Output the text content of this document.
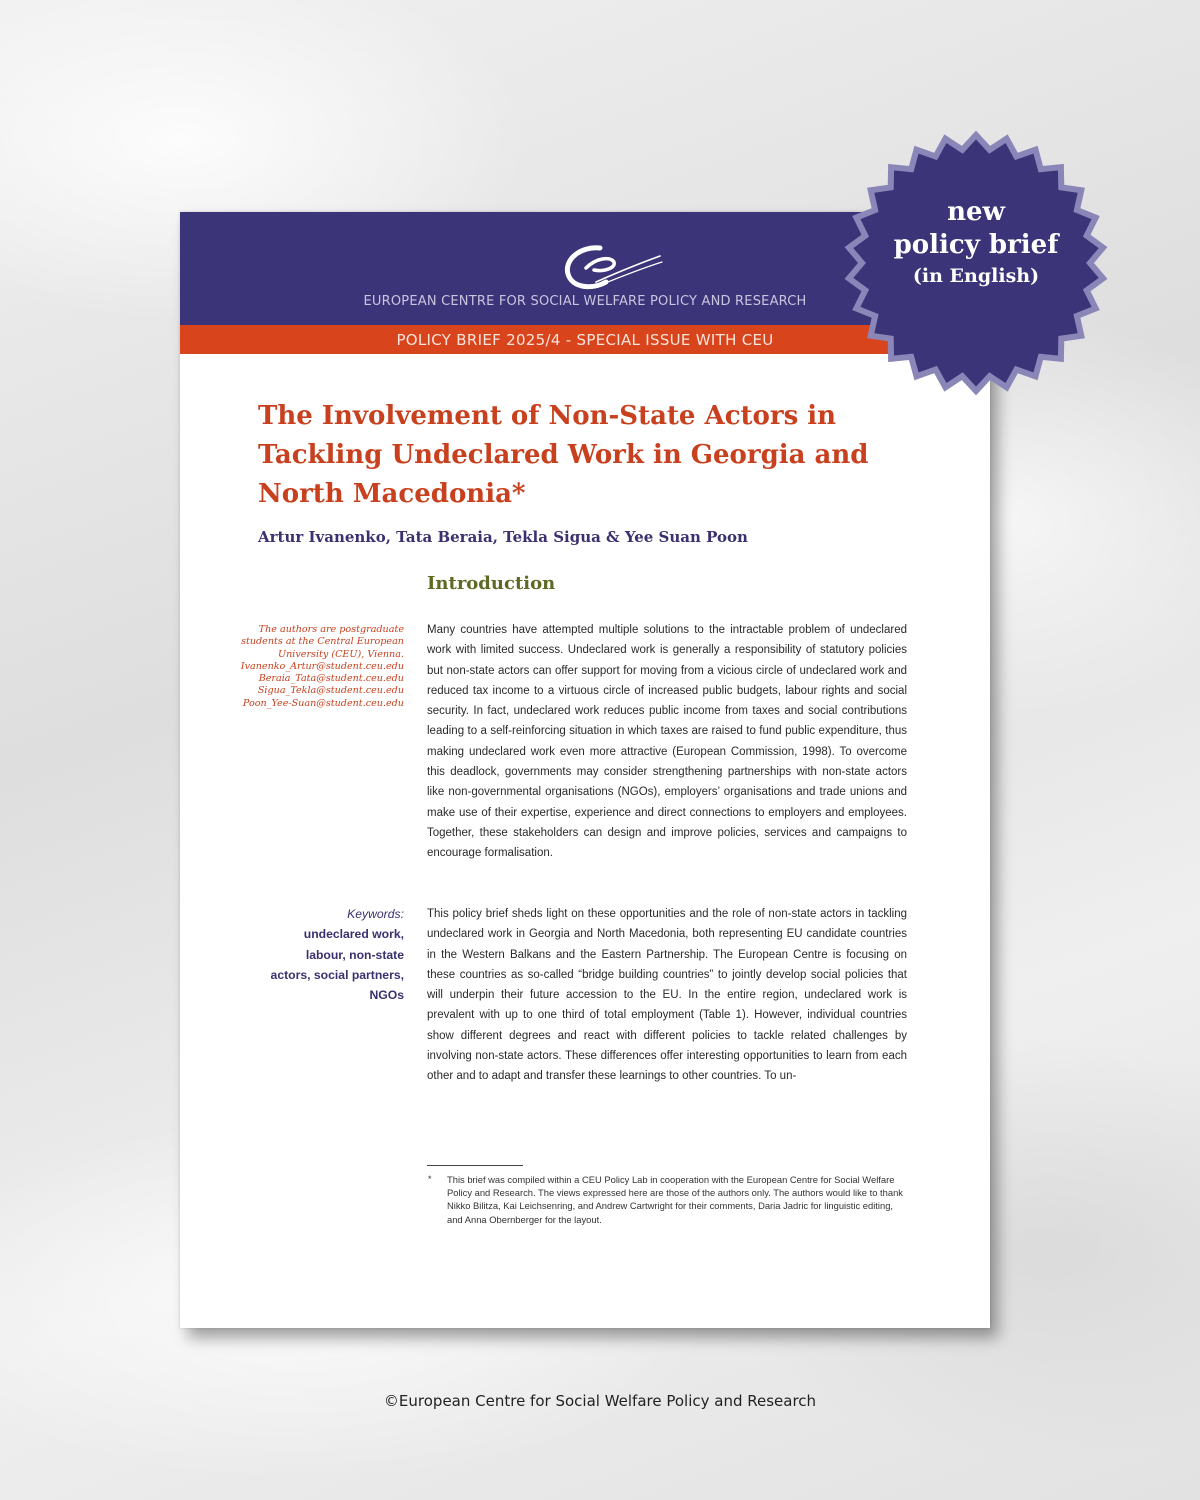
EUROPEAN CENTRE FOR SOCIAL WELFARE POLICY AND RESEARCH
POLICY BRIEF 2025/4 - SPECIAL ISSUE WITH CEU
The Involvement of Non-State Actors in Tackling Undeclared Work in Georgia and North Macedonia*
Artur Ivanenko, Tata Beraia, Tekla Sigua & Yee Suan Poon
Introduction
The authors are postgraduate
students at the Central European
University (CEU), Vienna.
Ivanenko_Artur@student.ceu.edu
Beraia_Tata@student.ceu.edu
Sigua_Tekla@student.ceu.edu
Poon_Yee-Suan@student.ceu.edu

Many countries have attempted multiple solutions to the intractable problem of undeclared work with limited success. Undeclared work is generally a responsibility of statutory policies but non-state actors can offer support for moving from a vicious circle of undeclared work and reduced tax income to a virtuous circle of increased public budgets, labour rights and social security. In fact, undeclared work reduces public income from taxes and social contributions leading to a self-reinforcing situation in which taxes are raised to fund public expenditure, thus making undeclared work even more attractive (European Commission, 1998). To overcome this deadlock, governments may consider strengthening partnerships with non-state actors like non-governmental organisations (NGOs), employers’ organisations and trade unions and make use of their expertise, experience and direct connections to employers and employees. Together, these stakeholders can design and improve policies, services and campaigns to encourage formalisation.

Keywords:
undeclared work,
labour, non-state
actors, social partners,
NGOs

This policy brief sheds light on these opportunities and the role of non-state actors in tackling undeclared work in Georgia and North Macedonia, both representing EU candidate countries in the Western Balkans and the Eastern Partnership. The European Centre is focusing on these countries as so-called “bridge building countries” to jointly develop social policies that will underpin their future accession to the EU. In the entire region, undeclared work is prevalent with up to one third of total employment (Table 1). However, individual countries show different degrees and react with different policies to tackle related challenges by involving non-state actors. These differences offer interesting opportunities to learn from each other and to adapt and transfer these learnings to other countries. To un-

* This brief was compiled within a CEU Policy Lab in cooperation with the European Centre for Social Welfare Policy and Research. The views expressed here are those of the authors only. The authors would like to thank Nikko Bilitza, Kai Leichsenring, and Andrew Cartwright for their comments, Daria Jadric for linguistic editing, and Anna Obernberger for the layout.
new
policy brief
(in English)
©European Centre for Social Welfare Policy and Research
